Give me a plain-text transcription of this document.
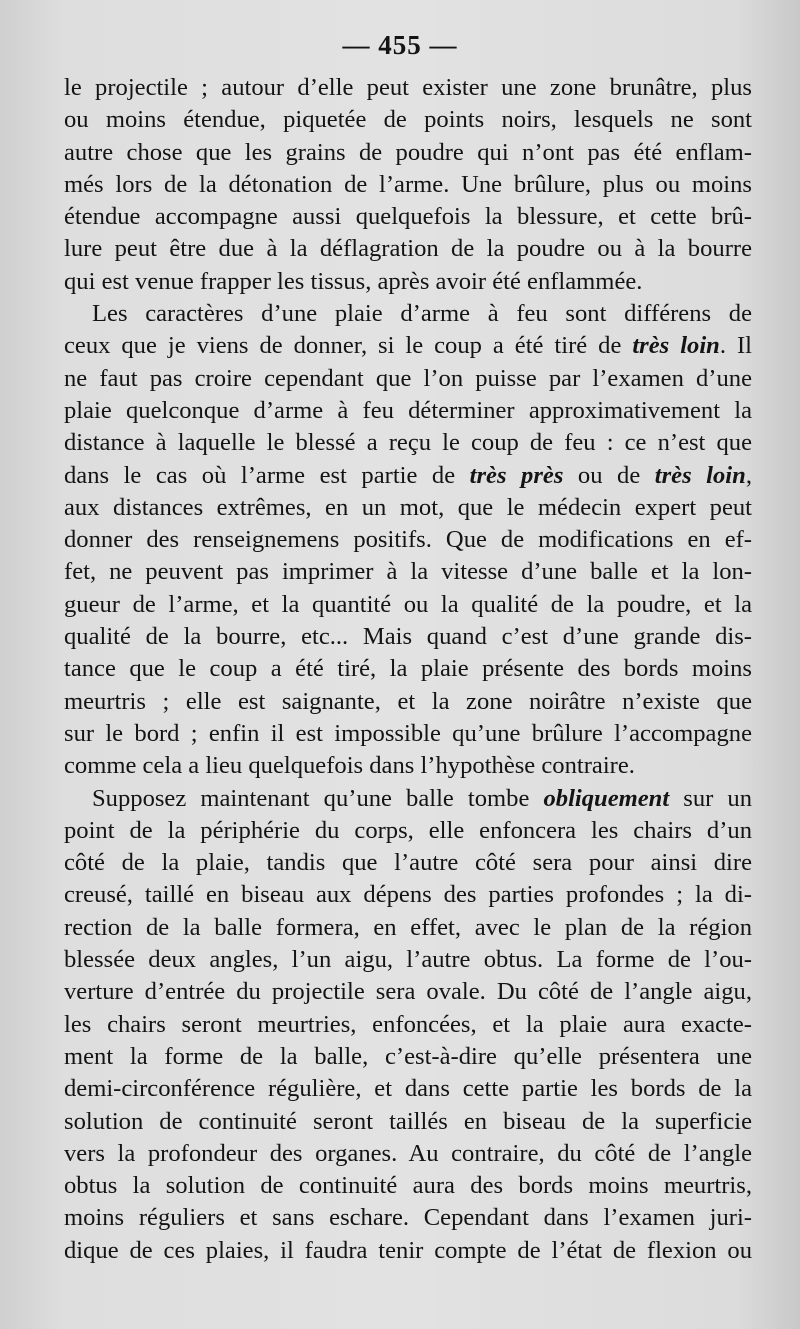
— 455 —
le projectile ; autour d’elle peut exister une zone brunâtre, plus
ou moins étendue, piquetée de points noirs, lesquels ne sont
autre chose que les grains de poudre qui n’ont pas été enflam-
més lors de la détonation de l’arme. Une brûlure, plus ou moins
étendue accompagne aussi quelquefois la blessure, et cette brû-
lure peut être due à la déflagration de la poudre ou à la bourre
qui est venue frapper les tissus, après avoir été enflammée.
Les caractères d’une plaie d’arme à feu sont différens de
ceux que je viens de donner, si le coup a été tiré de très loin. Il
ne faut pas croire cependant que l’on puisse par l’examen d’une
plaie quelconque d’arme à feu déterminer approximativement la
distance à laquelle le blessé a reçu le coup de feu : ce n’est que
dans le cas où l’arme est partie de très près ou de très loin,
aux distances extrêmes, en un mot, que le médecin expert peut
donner des renseignemens positifs. Que de modifications en ef-
fet, ne peuvent pas imprimer à la vitesse d’une balle et la lon-
gueur de l’arme, et la quantité ou la qualité de la poudre, et la
qualité de la bourre, etc... Mais quand c’est d’une grande dis-
tance que le coup a été tiré, la plaie présente des bords moins
meurtris ; elle est saignante, et la zone noirâtre n’existe que
sur le bord ; enfin il est impossible qu’une brûlure l’accompagne
comme cela a lieu quelquefois dans l’hypothèse contraire.
Supposez maintenant qu’une balle tombe obliquement sur un
point de la périphérie du corps, elle enfoncera les chairs d’un
côté de la plaie, tandis que l’autre côté sera pour ainsi dire
creusé, taillé en biseau aux dépens des parties profondes ; la di-
rection de la balle formera, en effet, avec le plan de la région
blessée deux angles, l’un aigu, l’autre obtus. La forme de l’ou-
verture d’entrée du projectile sera ovale. Du côté de l’angle aigu,
les chairs seront meurtries, enfoncées, et la plaie aura exacte-
ment la forme de la balle, c’est-à-dire qu’elle présentera une
demi-circonférence régulière, et dans cette partie les bords de la
solution de continuité seront taillés en biseau de la superficie
vers la profondeur des organes. Au contraire, du côté de l’angle
obtus la solution de continuité aura des bords moins meurtris,
moins réguliers et sans eschare. Cependant dans l’examen juri-
dique de ces plaies, il faudra tenir compte de l’état de flexion ou
